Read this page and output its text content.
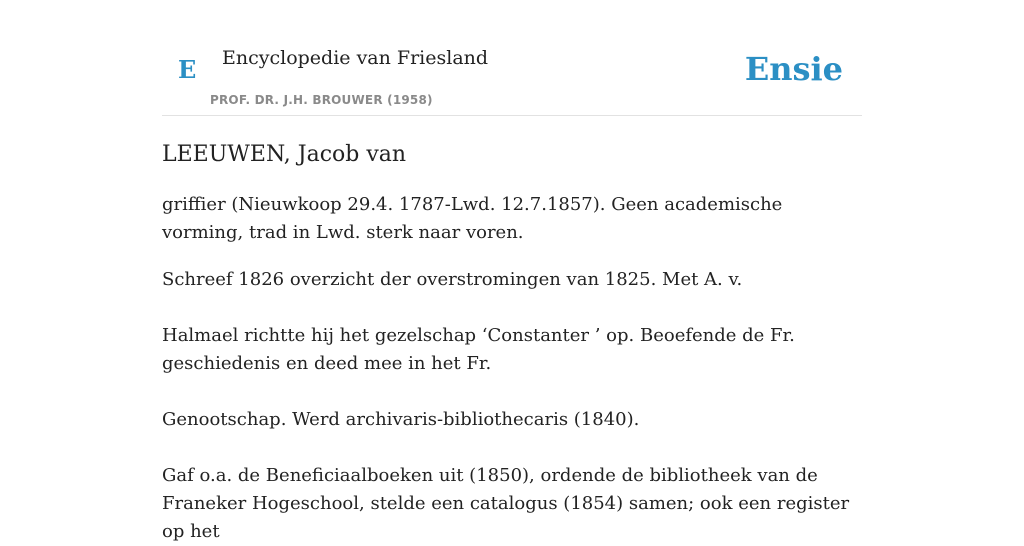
E Encyclopedie van Friesland
PROF. DR. J.H. BROUWER (1958)
Ensie
LEEUWEN, Jacob van

griffier (Nieuwkoop 29.4. 1787-Lwd. 12.7.1857). Geen academische vorming, trad in Lwd. sterk naar voren.

Schreef 1826 overzicht der overstromingen van 1825. Met A. v.

Halmael richtte hij het gezelschap ‘Constanter ’ op. Beoefende de Fr. geschiedenis en deed mee in het Fr.

Genootschap. Werd archivaris-bibliothecaris (1840).

Gaf o.a. de Beneficiaalboeken uit (1850), ordende de bibliotheek van de Franeker Hogeschool, stelde een catalogus (1854) samen; ook een register op het
